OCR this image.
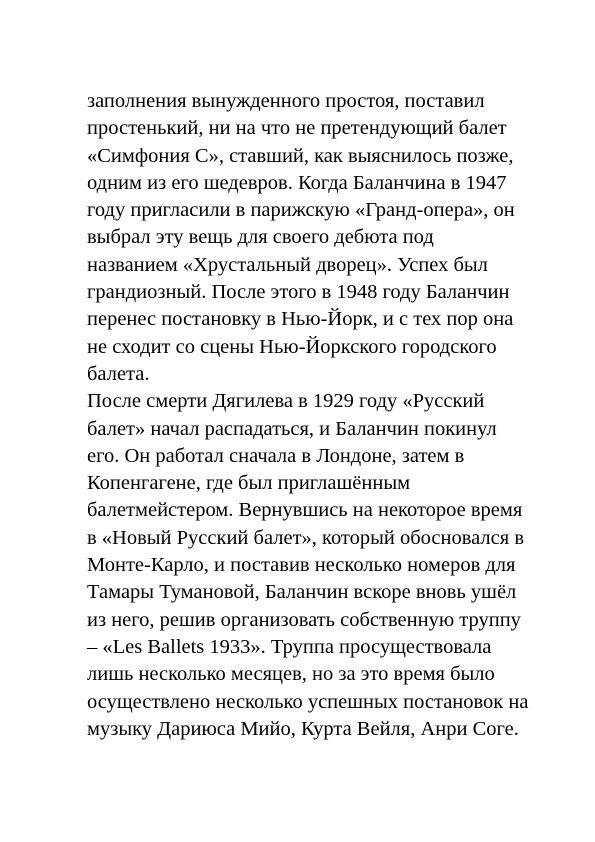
заполнения вынужденного простоя, поставил
простенький, ни на что не претендующий балет
«Симфония С», ставший, как выяснилось позже,
одним из его шедевров. Когда Баланчина в 1947
году пригласили в парижскую «Гранд-опера», он
выбрал эту вещь для своего дебюта под
названием «Хрустальный дворец». Успех был
грандиозный. После этого в 1948 году Баланчин
перенес постановку в Нью-Йорк, и с тех пор она
не сходит со сцены Нью-Йоркского городского
балета.
После смерти Дягилева в 1929 году «Русский
балет» начал распадаться, и Баланчин покинул
его. Он работал сначала в Лондоне, затем в
Копенгагене, где был приглашённым
балетмейстером. Вернувшись на некоторое время
в «Новый Русский балет», который обосновался в
Монте-Карло, и поставив несколько номеров для
Тамары Тумановой, Баланчин вскоре вновь ушёл
из него, решив организовать собственную труппу
– «Les Ballets 1933». Труппа просуществовала
лишь несколько месяцев, но за это время было
осуществлено несколько успешных постановок на
музыку Дариюса Мийо, Курта Вейля, Анри Соге.
